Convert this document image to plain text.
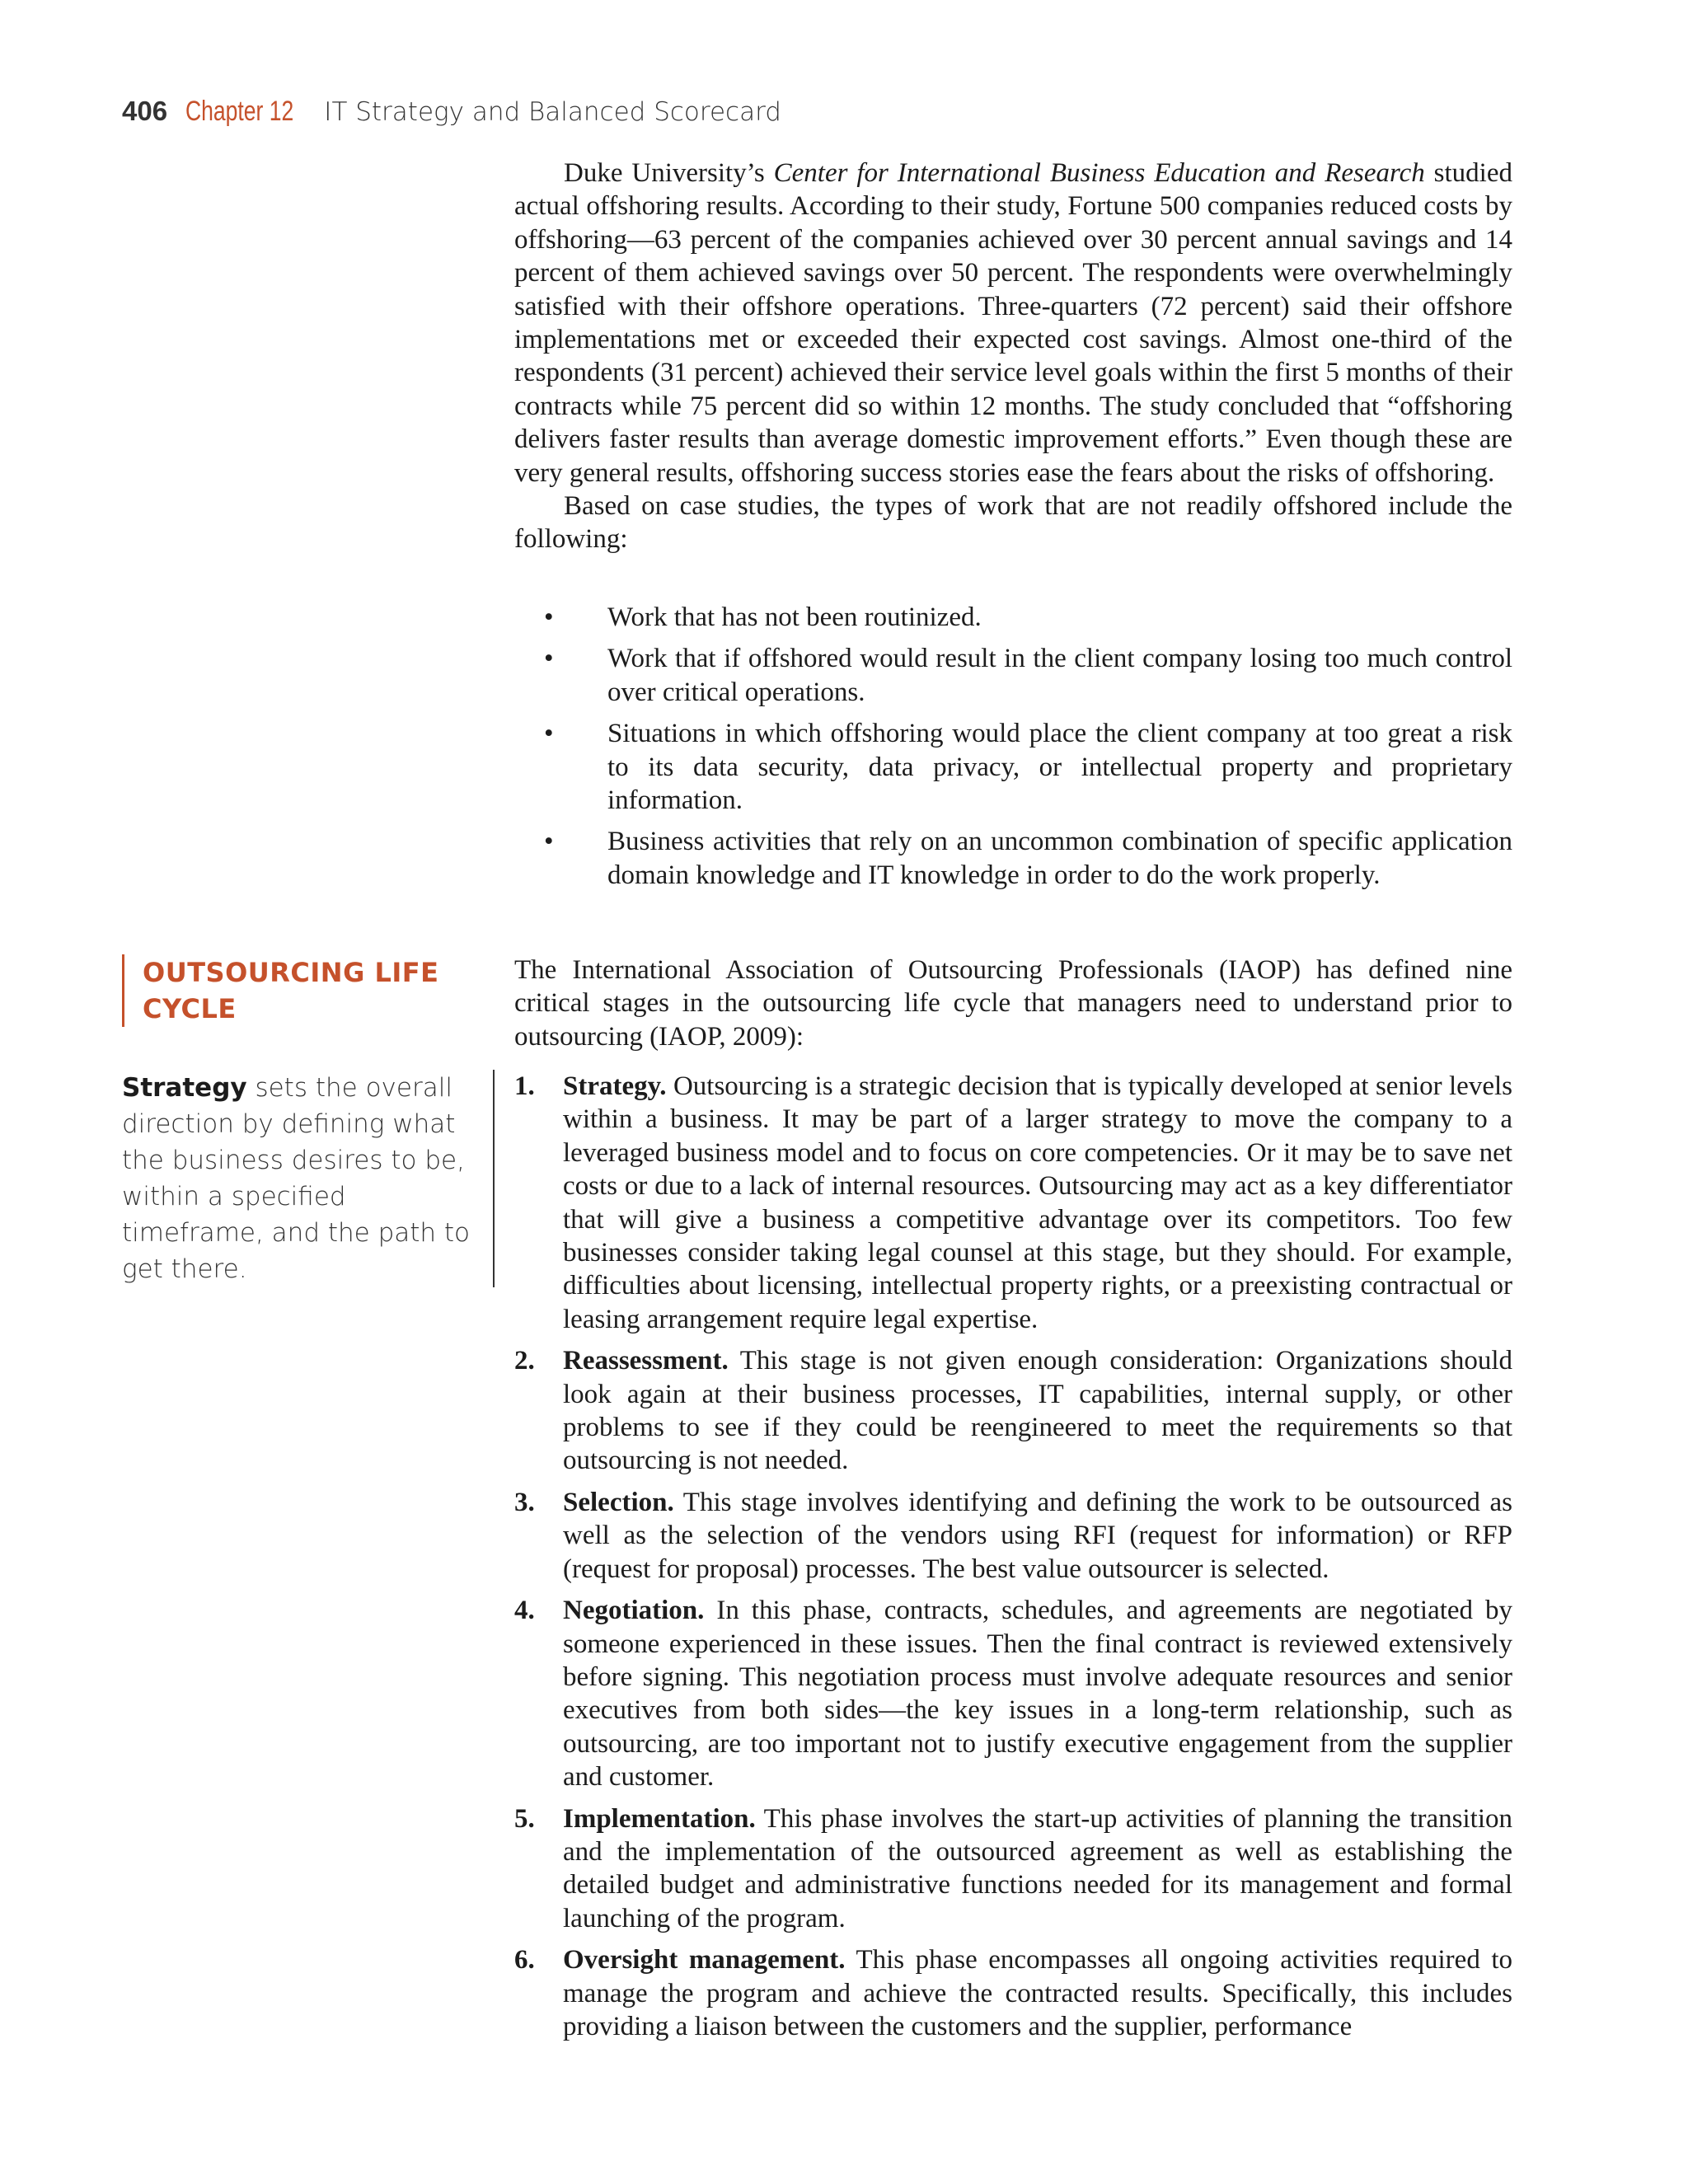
406 Chapter 12 IT Strategy and Balanced Scorecard

Duke University’s Center for International Business Education and Research studied actual offshoring results. According to their study, Fortune 500 companies reduced costs by offshoring—63 percent of the companies achieved over 30 percent annual savings and 14 percent of them achieved savings over 50 percent. The respondents were overwhelmingly satisfied with their offshore operations. Three-quarters (72 percent) said their offshore implementations met or exceeded their expected cost savings. Almost one-third of the respondents (31 percent) achieved their service level goals within the first 5 months of their contracts while 75 percent did so within 12 months. The study concluded that “offshoring delivers faster results than average domestic improvement efforts.” Even though these are very general results, offshoring success stories ease the fears about the risks of offshoring.

Based on case studies, the types of work that are not readily offshored include the following:

• Work that has not been routinized.
• Work that if offshored would result in the client company losing too much control over critical operations.
• Situations in which offshoring would place the client company at too great a risk to its data security, data privacy, or intellectual property and proprietary information.
• Business activities that rely on an uncommon combination of specific application domain knowledge and IT knowledge in order to do the work properly.
OUTSOURCING LIFE CYCLE

The International Association of Outsourcing Professionals (IAOP) has defined nine critical stages in the outsourcing life cycle that managers need to understand prior to outsourcing (IAOP, 2009):

Strategy sets the overall direction by defining what the business desires to be, within a specified timeframe, and the path to get there.
1. Strategy. Outsourcing is a strategic decision that is typically developed at senior levels within a business. It may be part of a larger strategy to move the company to a leveraged business model and to focus on core competencies. Or it may be to save net costs or due to a lack of internal resources. Outsourcing may act as a key differentiator that will give a business a competitive advantage over its competitors. Too few businesses consider taking legal counsel at this stage, but they should. For example, difficulties about licensing, intellectual property rights, or a preexisting contractual or leasing arrangement require legal expertise.
2. Reassessment. This stage is not given enough consideration: Organizations should look again at their business processes, IT capabilities, internal supply, or other problems to see if they could be reengineered to meet the requirements so that outsourcing is not needed.
3. Selection. This stage involves identifying and defining the work to be outsourced as well as the selection of the vendors using RFI (request for information) or RFP (request for proposal) processes. The best value outsourcer is selected.
4. Negotiation. In this phase, contracts, schedules, and agreements are negotiated by someone experienced in these issues. Then the final contract is reviewed extensively before signing. This negotiation process must involve adequate resources and senior executives from both sides—the key issues in a long-term relationship, such as outsourcing, are too important not to justify executive engagement from the supplier and customer.
5. Implementation. This phase involves the start-up activities of planning the transition and the implementation of the outsourced agreement as well as establishing the detailed budget and administrative functions needed for its management and formal launching of the program.
6. Oversight management. This phase encompasses all ongoing activities required to manage the program and achieve the contracted results. Specifically, this includes providing a liaison between the customers and the supplier, performance
